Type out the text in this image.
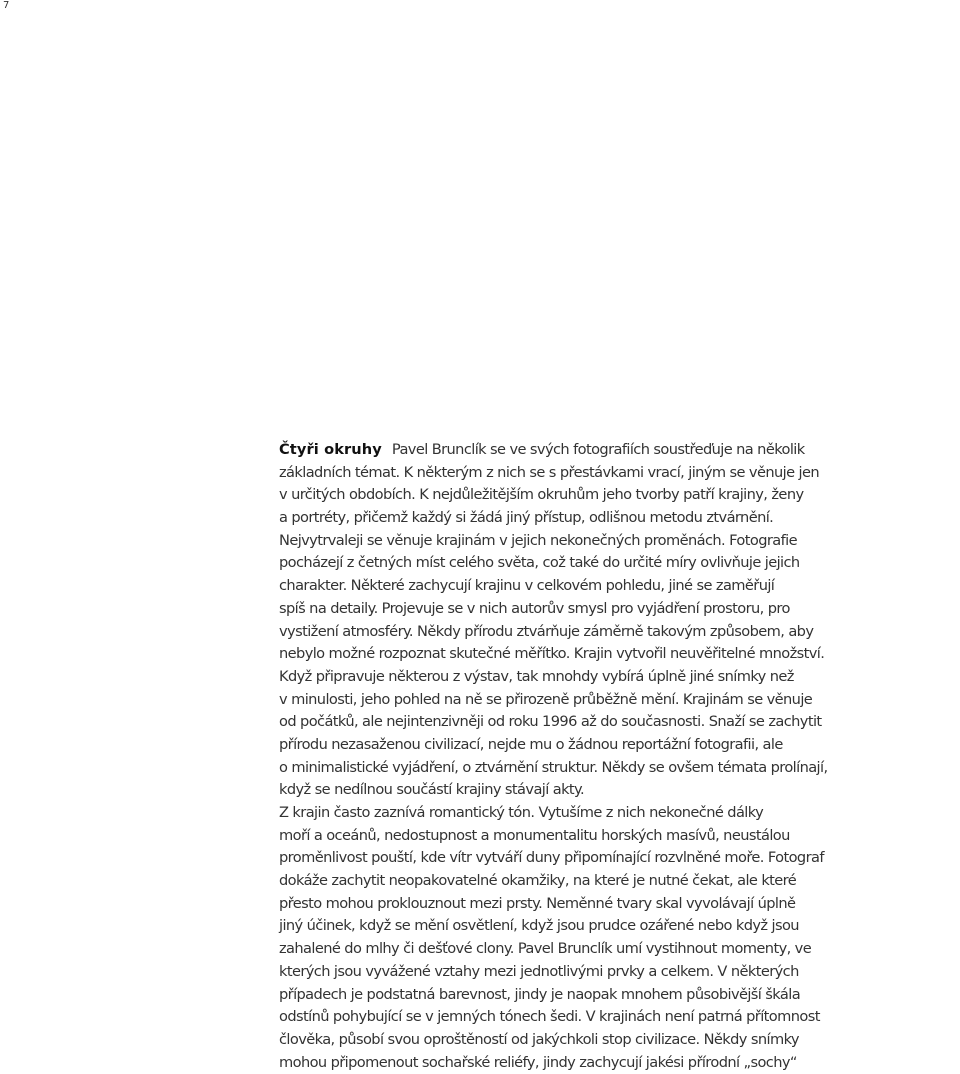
7
Čtyři okruhy Pavel Brunclík se ve svých fotografiích soustřeďuje na několik
základních témat. K některým z nich se s přestávkami vrací, jiným se věnuje jen
v určitých obdobích. K nejdůležitějším okruhům jeho tvorby patří krajiny, ženy
a portréty, přičemž každý si žádá jiný přístup, odlišnou metodu ztvárnění.
Nejvytrvaleji se věnuje krajinám v jejich nekonečných proměnách. Fotografie
pocházejí z četných míst celého světa, což také do určité míry ovlivňuje jejich
charakter. Některé zachycují krajinu v celkovém pohledu, jiné se zaměřují
spíš na detaily. Projevuje se v nich autorův smysl pro vyjádření prostoru, pro
vystižení atmosféry. Někdy přírodu ztvárňuje záměrně takovým způsobem, aby
nebylo možné rozpoznat skutečné měřítko. Krajin vytvořil neuvěřitelné množství.
Když připravuje některou z výstav, tak mnohdy vybírá úplně jiné snímky než
v minulosti, jeho pohled na ně se přirozeně průběžně mění. Krajinám se věnuje
od počátků, ale nejintenzivněji od roku 1996 až do současnosti. Snaží se zachytit
přírodu nezasaženou civilizací, nejde mu o žádnou reportážní fotografii, ale
o minimalistické vyjádření, o ztvárnění struktur. Někdy se ovšem témata prolínají,
když se nedílnou součástí krajiny stávají akty.
Z krajin často zaznívá romantický tón. Vytušíme z nich nekonečné dálky
moří a oceánů, nedostupnost a monumentalitu horských masívů, neustálou
proměnlivost pouští, kde vítr vytváří duny připomínající rozvlněné moře. Fotograf
dokáže zachytit neopakovatelné okamžiky, na které je nutné čekat, ale které
přesto mohou proklouznout mezi prsty. Neměnné tvary skal vyvolávají úplně
jiný účinek, když se mění osvětlení, když jsou prudce ozářené nebo když jsou
zahalené do mlhy či dešťové clony. Pavel Brunclík umí vystihnout momenty, ve
kterých jsou vyvážené vztahy mezi jednotlivými prvky a celkem. V některých
případech je podstatná barevnost, jindy je naopak mnohem působivější škála
odstínů pohybující se v jemných tónech šedi. V krajinách není patrná přítomnost
člověka, působí svou oproštěností od jakýchkoli stop civilizace. Někdy snímky
mohou připomenout sochařské reliéfy, jindy zachycují jakési přírodní „sochy“
